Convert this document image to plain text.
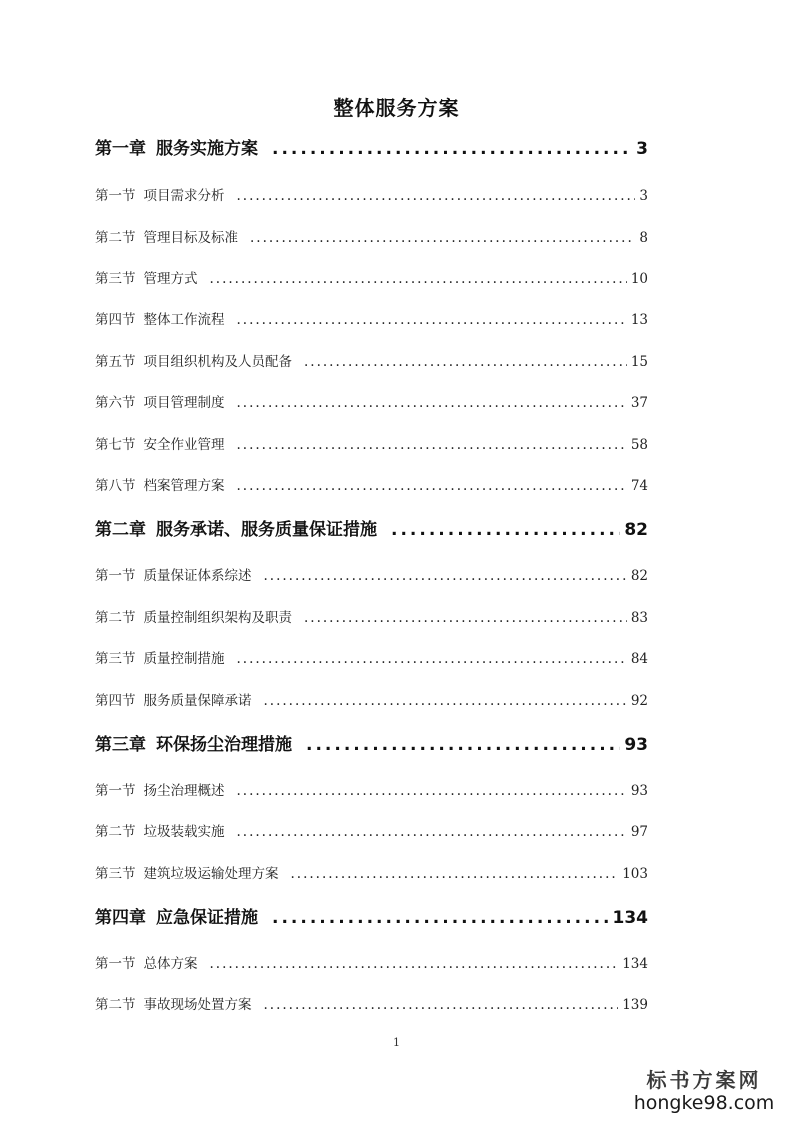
整体服务方案
第一章 服务实施方案 .....	3
第一节 项目需求分析 .....	3
第二节 管理目标及标准 .....	8
第三节 管理方式 .....	10
第四节 整体工作流程 .....	13
第五节 项目组织机构及人员配备 .....	15
第六节 项目管理制度 .....	37
第七节 安全作业管理 .....	58
第八节 档案管理方案 .....	74
第二章 服务承诺、服务质量保证措施 .....	82
第一节 质量保证体系综述 .....	82
第二节 质量控制组织架构及职责 .....	83
第三节 质量控制措施 .....	84
第四节 服务质量保障承诺 .....	92
第三章 环保扬尘治理措施 .....	93
第一节 扬尘治理概述 .....	93
第二节 垃圾装载实施 .....	97
第三节 建筑垃圾运输处理方案 .....	103
第四章 应急保证措施 .....	134
第一节 总体方案 .....	134
第二节 事故现场处置方案 .....	139
1
标书方案网
hongke98.com
